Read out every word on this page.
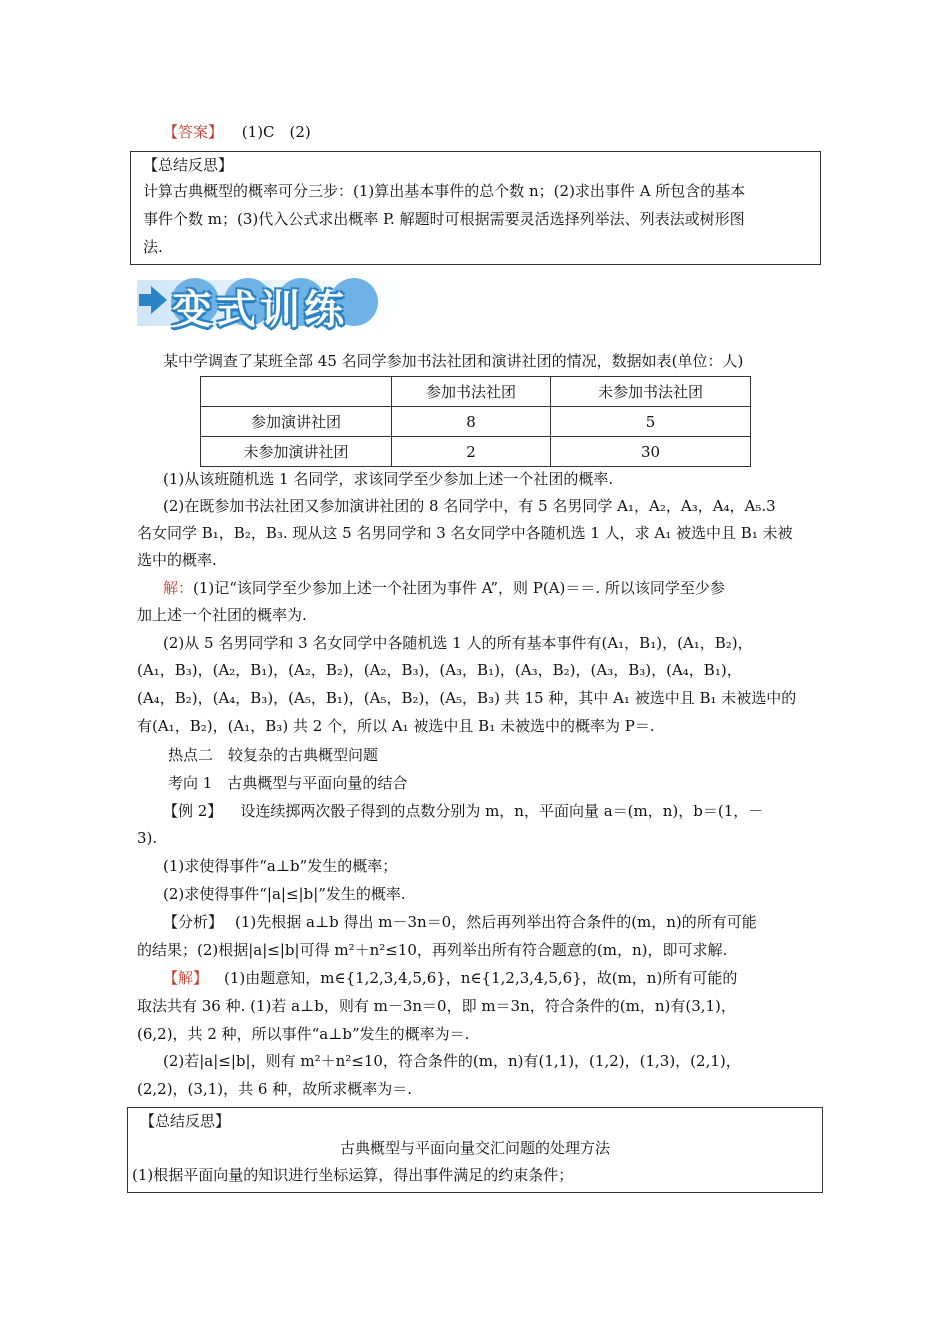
【答案】 (1)C　(2)
【总结反思】
计算古典概型的概率可分三步：(1)算出基本事件的总个数 n；(2)求出事件 A 所包含的基本
事件个数 m；(3)代入公式求出概率 P. 解题时可根据需要灵活选择列举法、列表法或树形图
法.
变式训练
某中学调查了某班全部 45 名同学参加书法社团和演讲社团的情况，数据如表(单位：人)
	参加书法社团	未参加书法社团
参加演讲社团	8	5
未参加演讲社团	2	30
(1)从该班随机选 1 名同学，求该同学至少参加上述一个社团的概率.
(2)在既参加书法社团又参加演讲社团的 8 名同学中，有 5 名男同学 A₁，A₂，A₃，A₄，A₅.3
名女同学 B₁，B₂，B₃. 现从这 5 名男同学和 3 名女同学中各随机选 1 人，求 A₁ 被选中且 B₁ 未被
选中的概率.
解：(1)记“该同学至少参加上述一个社团为事件 A”，则 P(A)＝＝. 所以该同学至少参
加上述一个社团的概率为.
(2)从 5 名男同学和 3 名女同学中各随机选 1 人的所有基本事件有(A₁，B₁)，(A₁，B₂)，
(A₁，B₃)，(A₂，B₁)，(A₂，B₂)，(A₂，B₃)，(A₃，B₁)，(A₃，B₂)，(A₃，B₃)，(A₄，B₁)，
(A₄，B₂)，(A₄，B₃)，(A₅，B₁)，(A₅，B₂)，(A₅，B₃) 共 15 种，其中 A₁ 被选中且 B₁ 未被选中的
有(A₁，B₂)，(A₁，B₃) 共 2 个，所以 A₁ 被选中且 B₁ 未被选中的概率为 P＝.
热点二　较复杂的古典概型问题
考向 1　古典概型与平面向量的结合
【例 2】 设连续掷两次骰子得到的点数分别为 m，n，平面向量 a＝(m，n)，b＝(1，－
3).
(1)求使得事件“a⊥b”发生的概率；
(2)求使得事件“|a|≤|b|”发生的概率.
【分析】 (1)先根据 a⊥b 得出 m－3n＝0，然后再列举出符合条件的(m，n)的所有可能
的结果；(2)根据|a|≤|b|可得 m²＋n²≤10，再列举出所有符合题意的(m，n)，即可求解.
【解】 (1)由题意知，m∈{1,2,3,4,5,6}，n∈{1,2,3,4,5,6}，故(m，n)所有可能的
取法共有 36 种. (1)若 a⊥b，则有 m－3n＝0，即 m＝3n，符合条件的(m，n)有(3,1)，
(6,2)，共 2 种，所以事件“a⊥b”发生的概率为＝.
(2)若|a|≤|b|，则有 m²＋n²≤10，符合条件的(m，n)有(1,1)，(1,2)，(1,3)，(2,1)，
(2,2)，(3,1)，共 6 种，故所求概率为＝.
【总结反思】
古典概型与平面向量交汇问题的处理方法
(1)根据平面向量的知识进行坐标运算，得出事件满足的约束条件；
